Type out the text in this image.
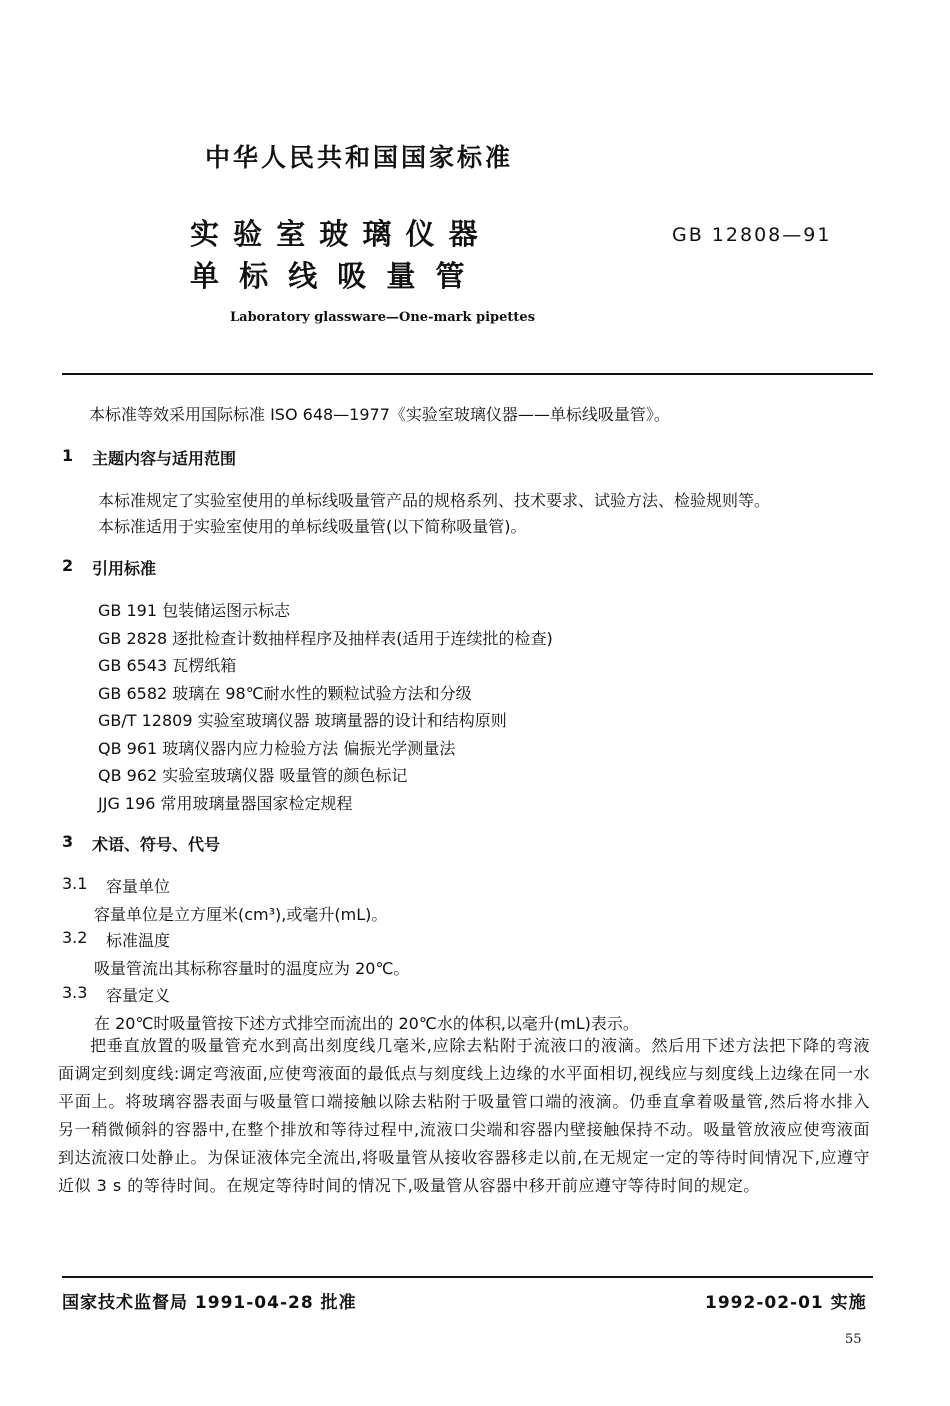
中华人民共和国国家标准
实 验 室 玻 璃 仪 器
单 标 线 吸 量 管
GB 12808—91
Laboratory glassware—One-mark pipettes
本标准等效采用国际标准 ISO 648—1977《实验室玻璃仪器——单标线吸量管》。
1 主题内容与适用范围
本标准规定了实验室使用的单标线吸量管产品的规格系列、技术要求、试验方法、检验规则等。
本标准适用于实验室使用的单标线吸量管(以下简称吸量管)。
2 引用标准
GB 191 包装储运图示标志
GB 2828 逐批检查计数抽样程序及抽样表(适用于连续批的检查)
GB 6543 瓦楞纸箱
GB 6582 玻璃在 98℃耐水性的颗粒试验方法和分级
GB/T 12809 实验室玻璃仪器 玻璃量器的设计和结构原则
QB 961 玻璃仪器内应力检验方法 偏振光学测量法
QB 962 实验室玻璃仪器 吸量管的颜色标记
JJG 196 常用玻璃量器国家检定规程
3 术语、符号、代号
3.1 容量单位
容量单位是立方厘米(cm³),或毫升(mL)。
3.2 标准温度
吸量管流出其标称容量时的温度应为 20℃。
3.3 容量定义
在 20℃时吸量管按下述方式排空而流出的 20℃水的体积,以毫升(mL)表示。
把垂直放置的吸量管充水到高出刻度线几毫米,应除去粘附于流液口的液滴。然后用下述方法把下降的弯液面调定到刻度线:调定弯液面,应使弯液面的最低点与刻度线上边缘的水平面相切,视线应与刻度线上边缘在同一水平面上。将玻璃容器表面与吸量管口端接触以除去粘附于吸量管口端的液滴。仍垂直拿着吸量管,然后将水排入另一稍微倾斜的容器中,在整个排放和等待过程中,流液口尖端和容器内壁接触保持不动。吸量管放液应使弯液面到达流液口处静止。为保证液体完全流出,将吸量管从接收容器移走以前,在无规定一定的等待时间情况下,应遵守近似 3 s 的等待时间。在规定等待时间的情况下,吸量管从容器中移开前应遵守等待时间的规定。
国家技术监督局 1991-04-28 批准	1992-02-01 实施
55
